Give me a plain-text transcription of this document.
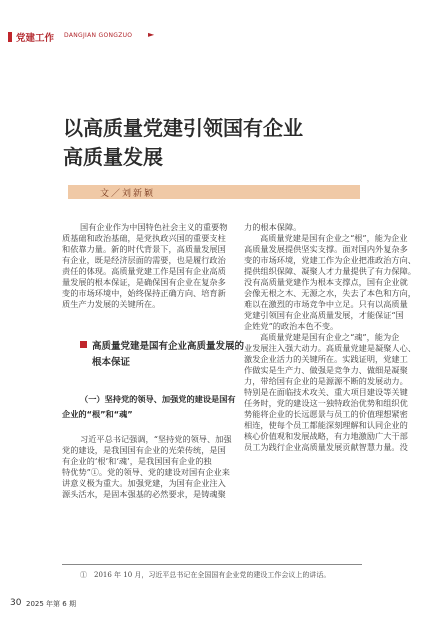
党建工作 DANGJIAN GONGZUO ►
以高质量党建引领国有企业
高质量发展
文／刘新颖
国有企业作为中国特色社会主义的重要物
质基础和政治基础，是党执政兴国的重要支柱
和依靠力量。新的时代背景下，高质量发展国
有企业，既是经济层面的需要，也是履行政治
责任的体现。高质量党建工作是国有企业高质
量发展的根本保证，是确保国有企业在复杂多
变的市场环境中，始终保持正确方向、培育新
质生产力发展的关键所在。
高质量党建是国有企业高质量发展的
根本保证
（一）坚持党的领导、加强党的建设是国有
企业的“根”和“魂”
习近平总书记强调，“坚持党的领导、加强
党的建设，是我国国有企业的光荣传统，是国
有企业的‘根’和‘魂’，是我国国有企业的独
特优势”①。党的领导、党的建设对国有企业来
讲意义极为重大。加强党建，为国有企业注入
源头活水，是固本强基的必然要求，是铸魂聚
力的根本保障。
高质量党建是国有企业之“根”，能为企业
高质量发展提供坚实支撑。面对国内外复杂多
变的市场环境，党建工作为企业把准政治方向、
提供组织保障、凝聚人才力量提供了有力保障。
没有高质量党建作为根本支撑点，国有企业就
会像无根之木、无源之水，失去了本色和方向，
难以在激烈的市场竞争中立足。只有以高质量
党建引领国有企业高质量发展，才能保证“国
企姓党”的政治本色不变。
高质量党建是国有企业之“魂”，能为企
业发展注入强大动力。高质量党建是凝聚人心、
激发企业活力的关键所在。实践证明，党建工
作做实是生产力、做强是竞争力、做细是凝聚
力，带给国有企业的是源源不断的发展动力。
特别是在面临技术攻关、重大项目建设等关键
任务时，党的建设这一独特政治优势和组织优
势能将企业的长远愿景与员工的价值理想紧密
相连，使每个员工都能深刻理解和认同企业的
核心价值观和发展战略，有力地激励广大干部
员工为践行企业高质量发展贡献智慧力量。没
①　2016 年 10 月，习近平总书记在全国国有企业党的建设工作会议上的讲话。
30 2025 年第 6 期
